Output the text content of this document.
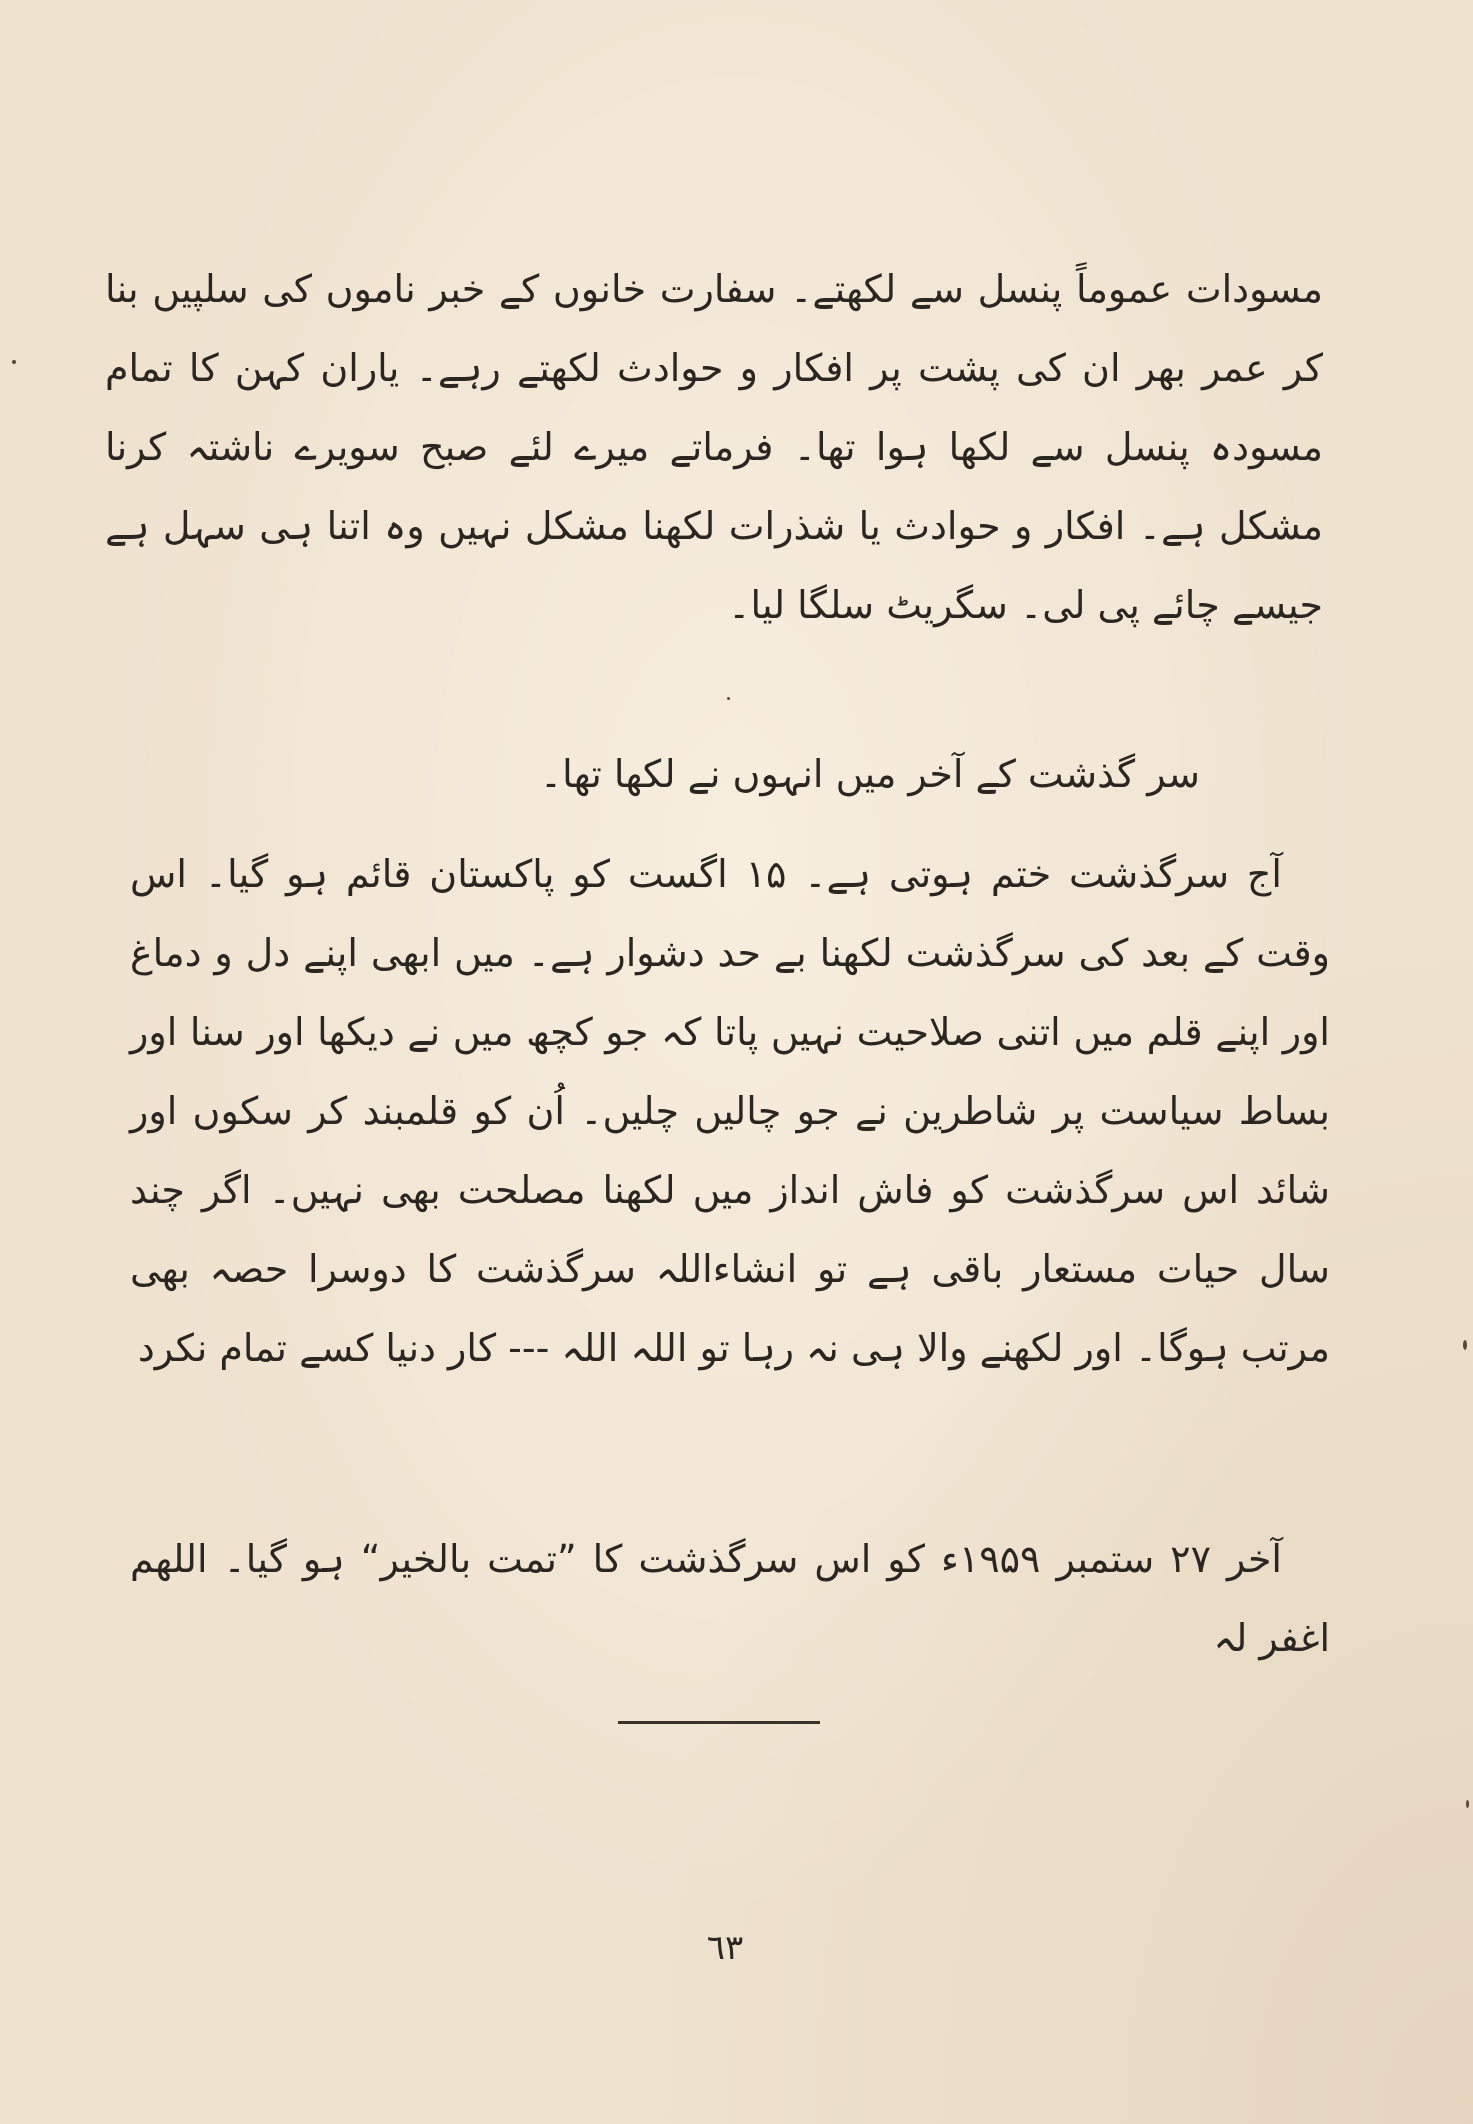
مسودات عموماً پنسل سے لکھتے۔ سفارت خانوں کے خبر ناموں کی سلپیں بنا کر عمر بھر ان کی پشت پر افکار و حوادث لکھتے رہے۔ یاران کہن کا تمام مسودہ پنسل سے لکھا ہوا تھا۔ فرماتے میرے لئے صبح سویرے ناشتہ کرنا مشکل ہے۔ افکار و حوادث یا شذرات لکھنا مشکل نہیں وہ اتنا ہی سہل ہے جیسے چائے پی لی۔ سگریٹ سلگا لیا۔
سر گذشت کے آخر میں انہوں نے لکھا تھا۔
آج سرگذشت ختم ہوتی ہے۔ ۱۵ اگست کو پاکستان قائم ہو گیا۔ اس وقت کے بعد کی سرگذشت لکھنا بے حد دشوار ہے۔ میں ابھی اپنے دل و دماغ اور اپنے قلم میں اتنی صلاحیت نہیں پاتا کہ جو کچھ میں نے دیکھا اور سنا اور بساط سیاست پر شاطرین نے جو چالیں چلیں۔ اُن کو قلمبند کر سکوں اور شائد اس سرگذشت کو فاش انداز میں لکھنا مصلحت بھی نہیں۔ اگر چند سال حیات مستعار باقی ہے تو انشاءاللہ سرگذشت کا دوسرا حصہ بھی مرتب ہوگا۔ اور لکھنے والا ہی نہ رہا تو اللہ اللہ --- کار دنیا کسے تمام نکرد
آخر ۲۷ ستمبر ۱۹۵۹ء کو اس سرگذشت کا ”تمت بالخیر“ ہو گیا۔ اللھم اغفر لہ
٦٣
